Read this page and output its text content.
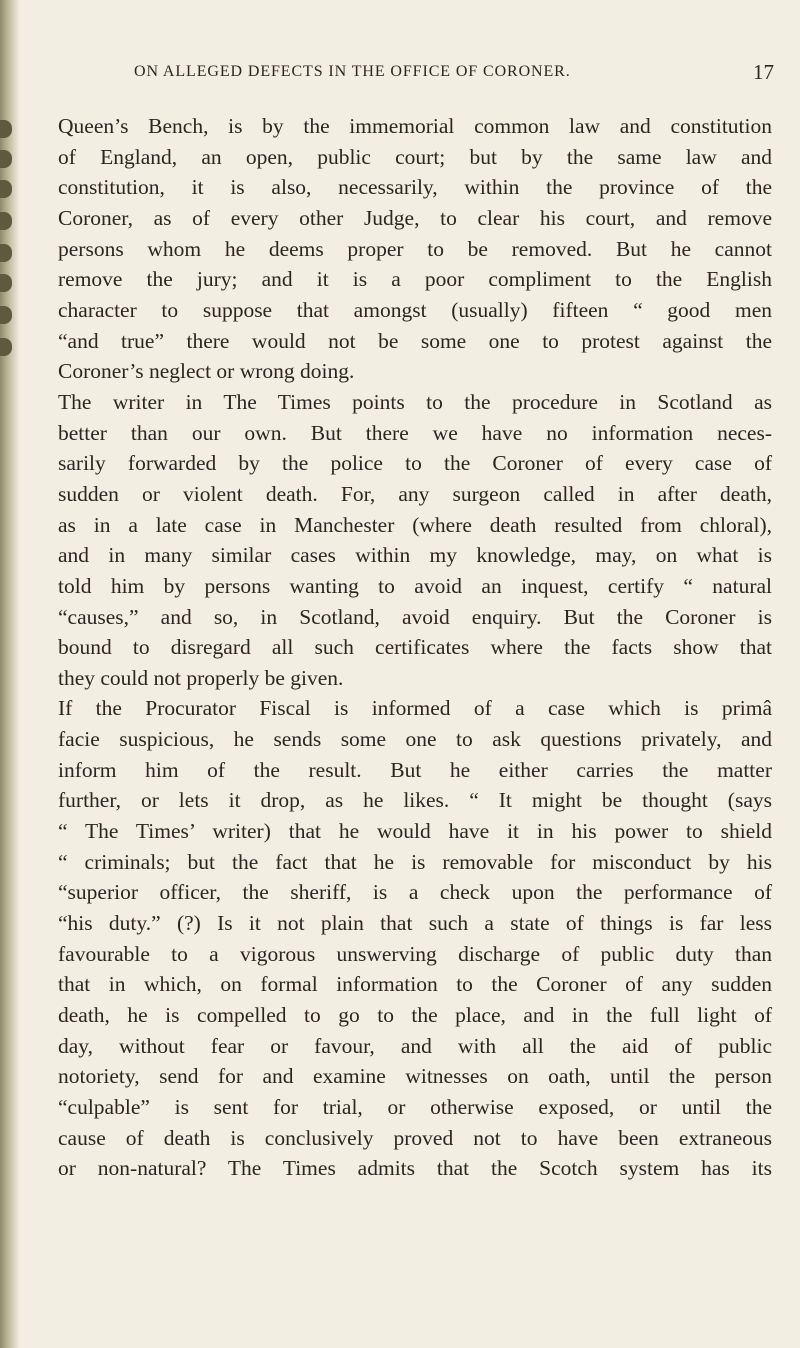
ON ALLEGED DEFECTS IN THE OFFICE OF CORONER.	17
Queen’s Bench, is by the immemorial common law and constitution
of England, an open, public court; but by the same law and
constitution, it is also, necessarily, within the province of the
Coroner, as of every other Judge, to clear his court, and remove
persons whom he deems proper to be removed. But he cannot
remove the jury; and it is a poor compliment to the English
character to suppose that amongst (usually) fifteen “ good men
“and true” there would not be some one to protest against the
Coroner’s neglect or wrong doing.
The writer in The Times points to the procedure in Scotland as
better than our own. But there we have no information neces-
sarily forwarded by the police to the Coroner of every case of
sudden or violent death. For, any surgeon called in after death,
as in a late case in Manchester (where death resulted from chloral),
and in many similar cases within my knowledge, may, on what is
told him by persons wanting to avoid an inquest, certify “ natural
“causes,” and so, in Scotland, avoid enquiry. But the Coroner is
bound to disregard all such certificates where the facts show that
they could not properly be given.
If the Procurator Fiscal is informed of a case which is primâ
facie suspicious, he sends some one to ask questions privately, and
inform him of the result. But he either carries the matter
further, or lets it drop, as he likes. “ It might be thought (says
“ The Times’ writer) that he would have it in his power to shield
“ criminals; but the fact that he is removable for misconduct by his
“superior officer, the sheriff, is a check upon the performance of
“his duty.” (?) Is it not plain that such a state of things is far less
favourable to a vigorous unswerving discharge of public duty than
that in which, on formal information to the Coroner of any sudden
death, he is compelled to go to the place, and in the full light of
day, without fear or favour, and with all the aid of public
notoriety, send for and examine witnesses on oath, until the person
“culpable” is sent for trial, or otherwise exposed, or until the
cause of death is conclusively proved not to have been extraneous
or non-natural? The Times admits that the Scotch system has its
